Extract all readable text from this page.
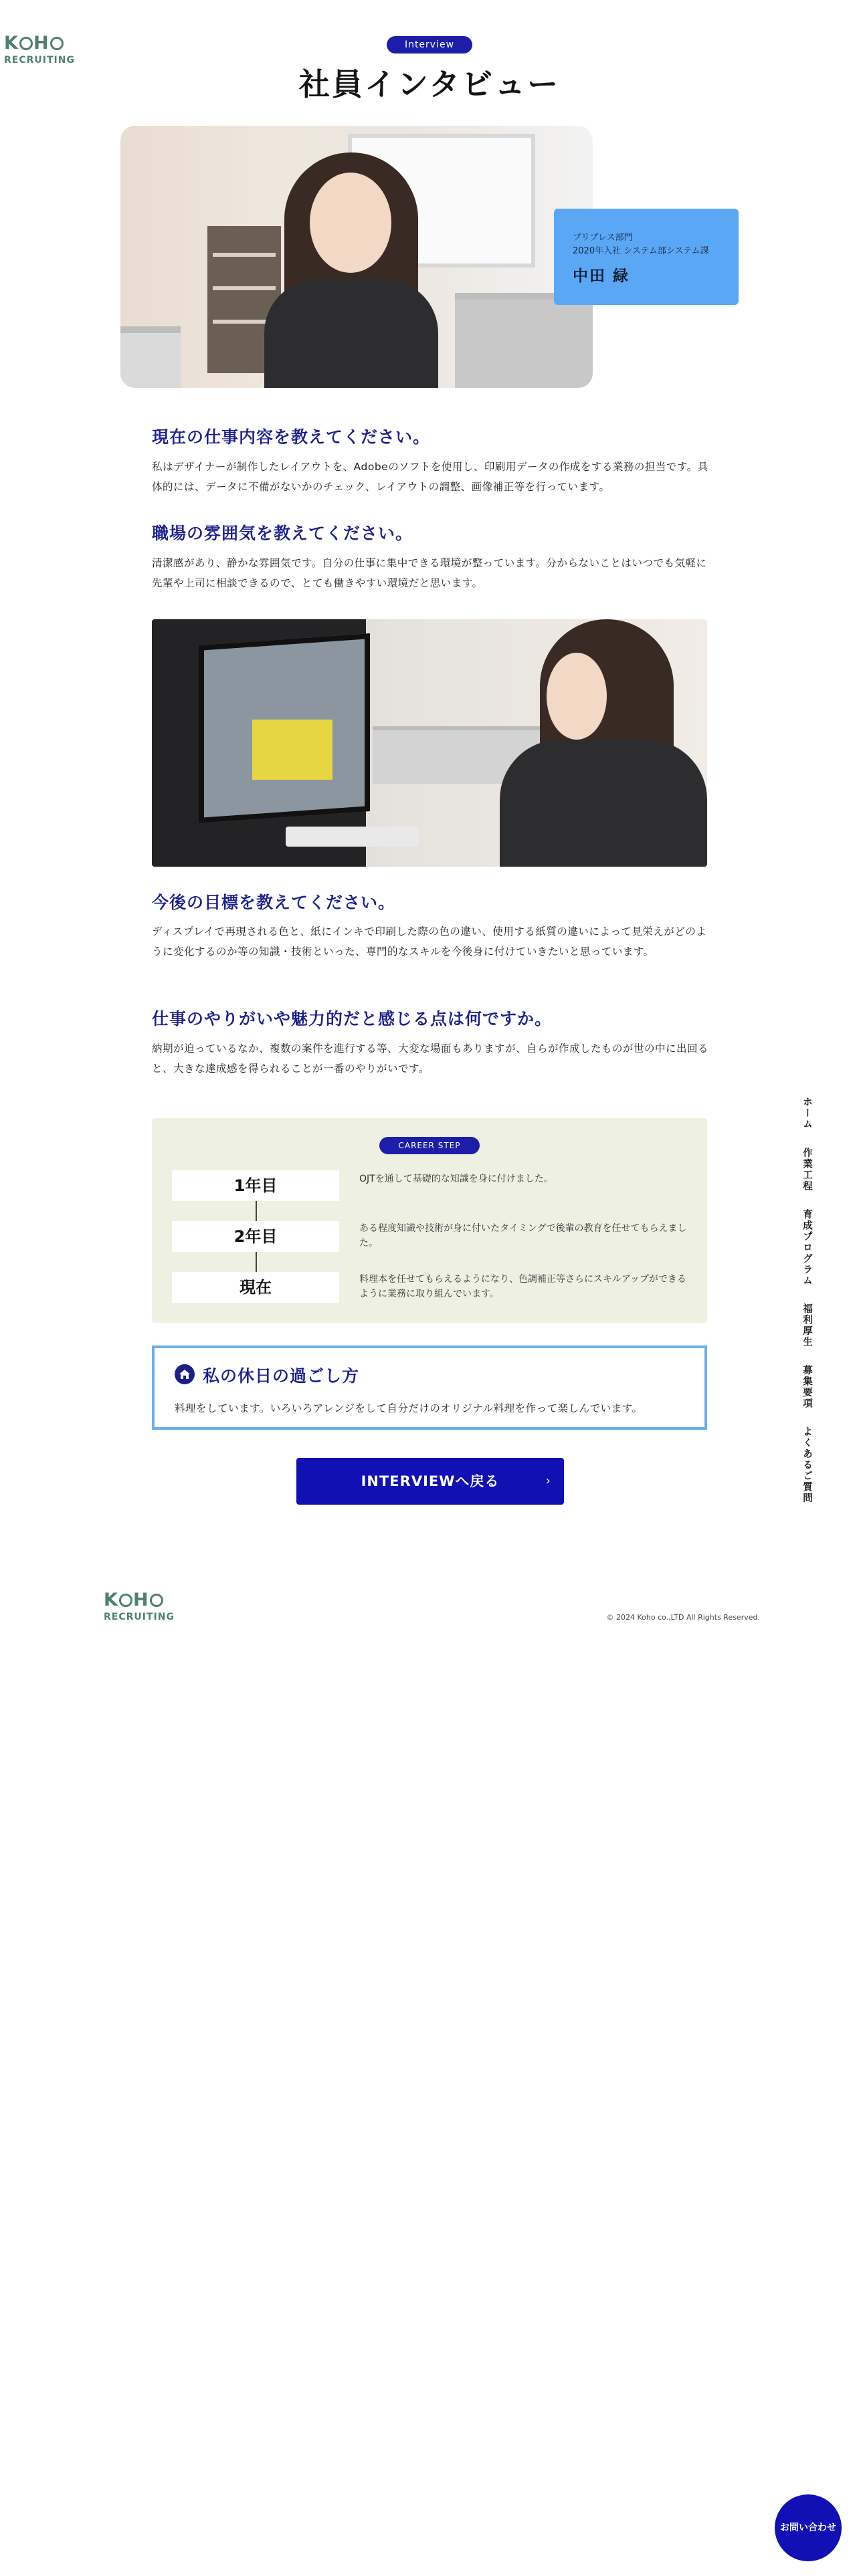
K H
RECRUITING
Interview
社員インタビュー
プリプレス部門
2020年入社 システム部システム課
中田 緑
現在の仕事内容を教えてください。
私はデザイナーが制作したレイアウトを、Adobeのソフトを使用し、印刷用データの作成をする業務の担当です。具体的には、データに不備がないかのチェック、レイアウトの調整、画像補正等を行っています。
職場の雰囲気を教えてください。
清潔感があり、静かな雰囲気です。自分の仕事に集中できる環境が整っています。分からないことはいつでも気軽に先輩や上司に相談できるので、とても働きやすい環境だと思います。
今後の目標を教えてください。
ディスプレイで再現される色と、紙にインキで印刷した際の色の違い、使用する紙質の違いによって見栄えがどのように変化するのか等の知識・技術といった、専門的なスキルを今後身に付けていきたいと思っています。
仕事のやりがいや魅力的だと感じる点は何ですか。
納期が迫っているなか、複数の案件を進行する等、大変な場面もありますが、自らが作成したものが世の中に出回ると、大きな達成感を得られることが一番のやりがいです。
CAREER STEP
1年目	OJTを通して基礎的な知識を身に付けました。
2年目	ある程度知識や技術が身に付いたタイミングで後輩の教育を任せてもらえました。
現在	料理本を任せてもらえるようになり、色調補正等さらにスキルアップができるように業務に取り組んでいます。
私の休日の過ごし方
料理をしています。いろいろアレンジをして自分だけのオリジナル料理を作って楽しんでいます。
INTERVIEWへ戻る	›
ホーム
作業工程
育成プログラム
福利厚生
募集要項
よくあるご質問
K H
RECRUITING	© 2024 Koho co.,LTD All Rights Reserved.
お問い合わせ
